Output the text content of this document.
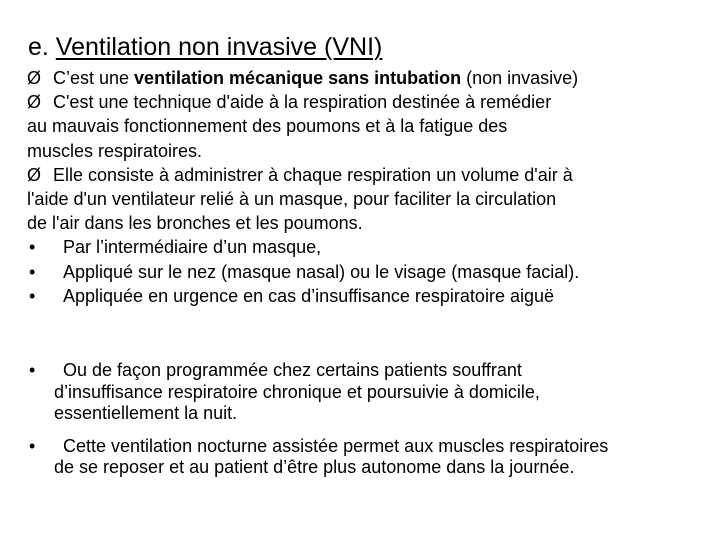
e. Ventilation non invasive (VNI)
Ø C’est une ventilation mécanique sans intubation (non invasive)
Ø C'est une technique d'aide à la respiration destinée à remédier
au mauvais fonctionnement des poumons et à la fatigue des
muscles respiratoires.
Ø Elle consiste à administrer à chaque respiration un volume d'air à
l'aide d'un ventilateur relié à un masque, pour faciliter la circulation
de l'air dans les bronches et les poumons.
• Par l’intermédiaire d’un masque,
• Appliqué sur le nez (masque nasal) ou le visage (masque facial).
• Appliquée en urgence en cas d’insuffisance respiratoire aiguë
• Ou de façon programmée chez certains patients souffrant
d’insuffisance respiratoire chronique et poursuivie à domicile,
essentiellement la nuit.
• Cette ventilation nocturne assistée permet aux muscles respiratoires
de se reposer et au patient d’être plus autonome dans la journée.
